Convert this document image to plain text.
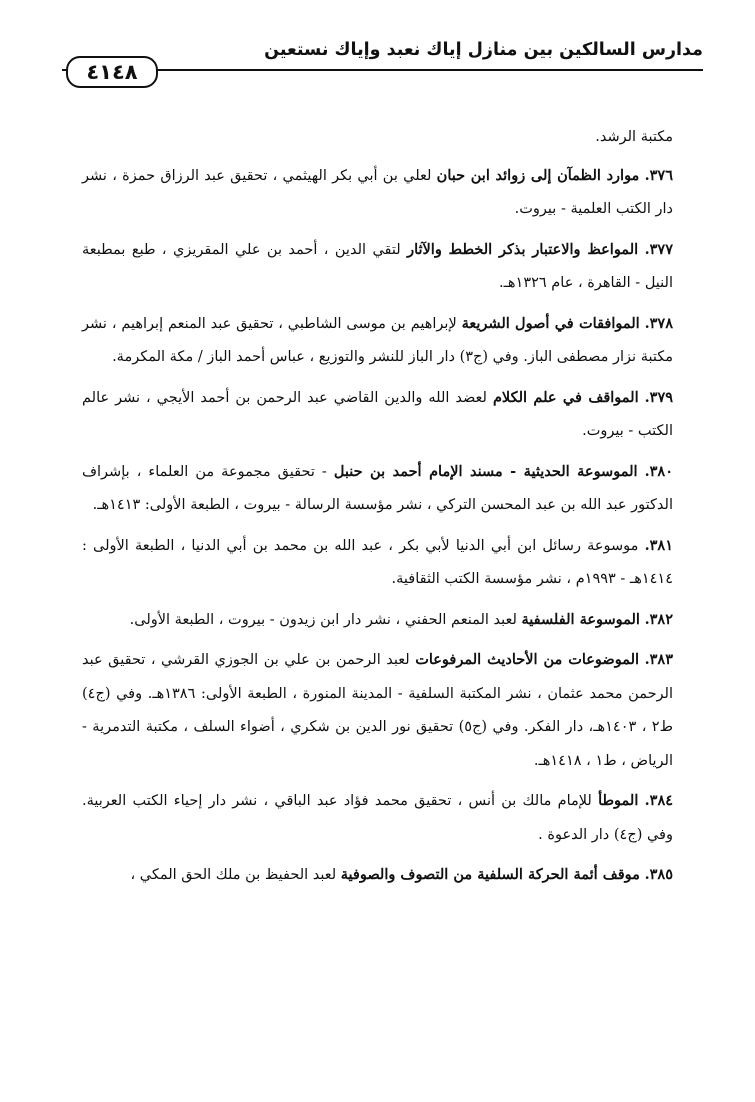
مدارس السالكين بين منازل إياك نعبد وإياك نستعين
٤١٤٨

مكتبة الرشد.

٣٧٦. موارد الظمآن إلى زوائد ابن حبان لعلي بن أبي بكر الهيثمي ، تحقيق عبد الرزاق حمزة ، نشر دار الكتب العلمية - بيروت.

٣٧٧. المواعظ والاعتبار بذكر الخطط والآثار لتقي الدين ، أحمد بن علي المقريزي ، طبع بمطبعة النيل - القاهرة ، عام ١٣٢٦هـ.

٣٧٨. الموافقات في أصول الشريعة لإبراهيم بن موسى الشاطبي ، تحقيق عبد المنعم إبراهيم ، نشر مكتبة نزار مصطفى الباز. وفي (ج٣) دار الباز للنشر والتوزيع ، عباس أحمد الباز / مكة المكرمة.

٣٧٩. المواقف في علم الكلام لعضد الله والدين القاضي عبد الرحمن بن أحمد الأيجي ، نشر عالم الكتب - بيروت.

٣٨٠. الموسوعة الحديثية - مسند الإمام أحمد بن حنبل - تحقيق مجموعة من العلماء ، بإشراف الدكتور عبد الله بن عبد المحسن التركي ، نشر مؤسسة الرسالة - بيروت ، الطبعة الأولى: ١٤١٣هـ.

٣٨١. موسوعة رسائل ابن أبي الدنيا لأبي بكر ، عبد الله بن محمد بن أبي الدنيا ، الطبعة الأولى : ١٤١٤هـ - ١٩٩٣م ، نشر مؤسسة الكتب الثقافية.

٣٨٢. الموسوعة الفلسفية لعبد المنعم الحفني ، نشر دار ابن زيدون - بيروت ، الطبعة الأولى.

٣٨٣. الموضوعات من الأحاديث المرفوعات لعبد الرحمن بن علي بن الجوزي القرشي ، تحقيق عبد الرحمن محمد عثمان ، نشر المكتبة السلفية - المدينة المنورة ، الطبعة الأولى: ١٣٨٦هـ. وفي (ج٤) ط٢ ، ١٤٠٣هـ، دار الفكر. وفي (ج٥) تحقيق نور الدين بن شكري ، أضواء السلف ، مكتبة التدمرية - الرياض ، ط١ ، ١٤١٨هـ.

٣٨٤. الموطأ للإمام مالك بن أنس ، تحقيق محمد فؤاد عبد الباقي ، نشر دار إحياء الكتب العربية. وفي (ج٤) دار الدعوة .

٣٨٥. موقف أئمة الحركة السلفية من التصوف والصوفية لعبد الحفيظ بن ملك الحق المكي ،
